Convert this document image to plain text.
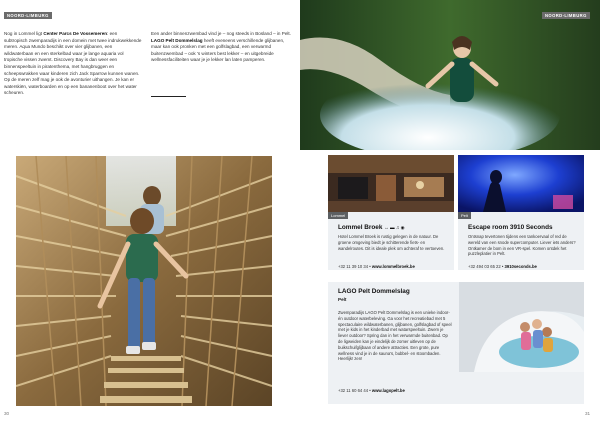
NOORD-LIMBURG
Nog in Lommel ligt Center Parcs De Vossemeren: een subtropisch zwemparadijs in een domein met twee indrukwekkende meren. Aqua Mundo beschikt over vier glijbanen, een wildwaterbaan en een sterkelbad waar je lange aquaria vol tropische vissen zwemt. Discovery Bay is dan weer een binnenspeeltuin in piratenthema, met hangbruggen en scheepswrakken waar kinderen zich Jack Sparrow kunnen wanen. Op de meren zelf mag je ook de avonturier uithangen. Je kan er waterskiën, waterboarden en op een bananenboot over het water scheuren.
Een ander binnenzwembad vind je – nog steeds in Bosland – in Pelt. LAGO Pelt Dommelslag heeft eveneens verschillende glijbanen, maar kan ook pronken met een golfslagbad, een verwarmd buitenzwembad – ook 's winters best lekker – en uitgebreide wellnessfaciliteiten waar je je lekker lan laten pamperen.
30
NOORD-LIMBURG
Lommel
Lommel Broek ↔ ▬ ♫ ◉
Hotel Lommel Broek is rustig gelegen in de natuur. De groene omgeving biedt je schitterende fiets- en wandelroutes. Dit is ideale plek om achteraf te vertoeven.
+32 11 39 10 34 • www.lommelbroek.be
Pelt
Escape room 3910 Seconds
Ontsnap tevertonen tijdens een tankoervaal of red de wereld van een snode supercomputer. Liever iets anders? Ontkamer de bom in een VR-spel. Komen ontdek het puzzleplatier in Pelt.
+32 494 03 65 22 • 3910seconds.be
LAGO Pelt Dommelslag
Pelt
Zwemparadijs LAGO Pelt Dommelslag is een unieke indoor- én outdoor waterbeleving. Ga voor het recreatiebad met 5 spectaculaire wildwaterbanen, glijbanen, golfslagbad of speel met je kids in het kinderbad met watarspeeltuin. Zwem je liever outdoor? Spring dan in het verwarmde buitenbad. Op de ligweiden kan je eindelijk de zomer uitleven op de buikschuifglijbaan of andere attracties. Een grote, pure wellness vind je in de sauna's, bubbel- en stoombaden. Heerlijk! zen!
+32 11 60 64 44 • www.lagopelt.be
31
